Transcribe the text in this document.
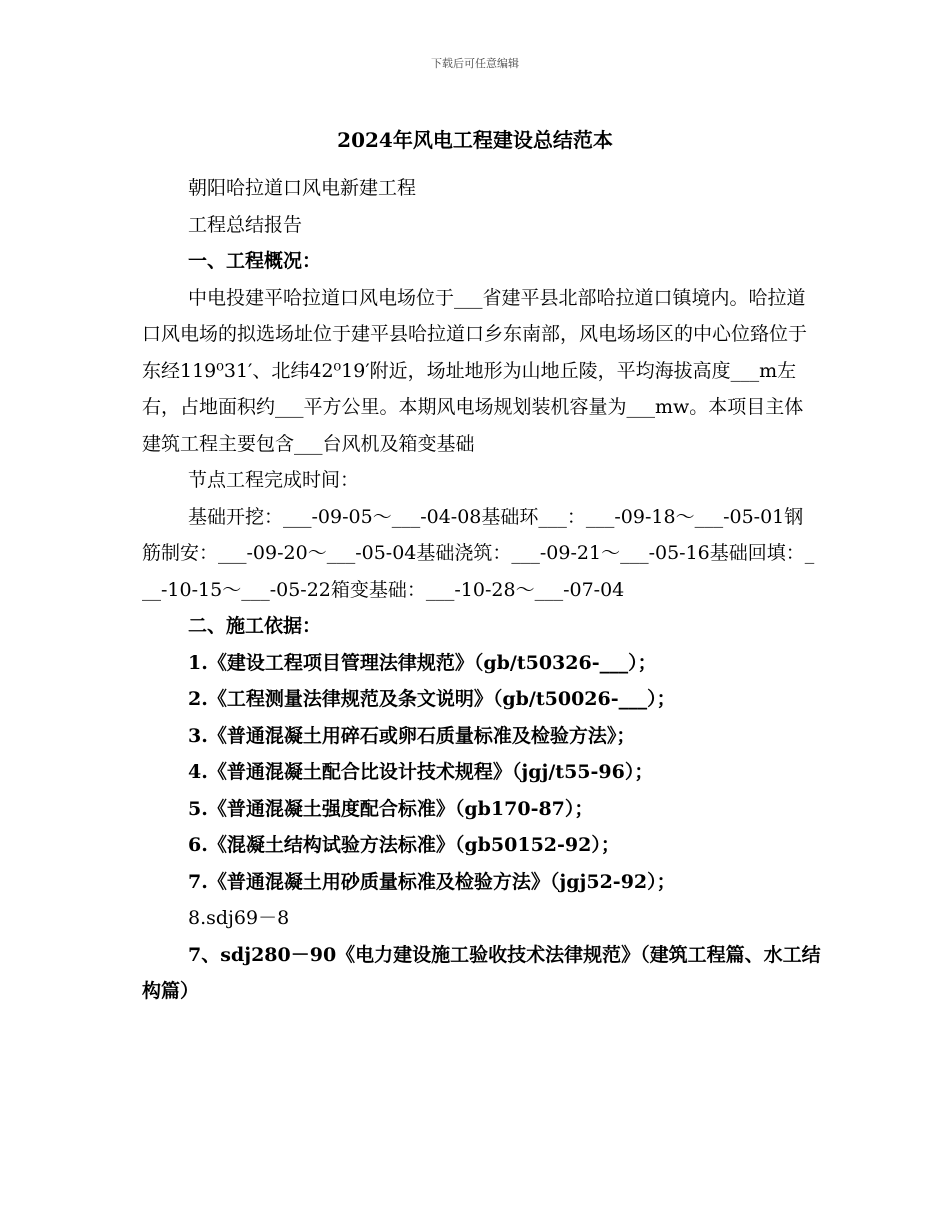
下载后可任意编辑
2024年风电工程建设总结范本

朝阳哈拉道口风电新建工程

工程总结报告

一、工程概况：

中电投建平哈拉道口风电场位于___省建平县北部哈拉道口镇境内。哈拉道口风电场的拟选场址位于建平县哈拉道口乡东南部，风电场场区的中心位臵位于东经119⁰31′、北纬42⁰19′附近，场址地形为山地丘陵，平均海拔高度___m左右，占地面积约___平方公里。本期风电场规划装机容量为___mw。本项目主体建筑工程主要包含___台风机及箱变基础

节点工程完成时间：

基础开挖：___-09-05～___-04-08基础环___：___-09-18～___-05-01钢筋制安：___-09-20～___-05-04基础浇筑：___-09-21～___-05-16基础回填：___-10-15～___-05-22箱变基础：___-10-28～___-07-04

二、施工依据：

1.《建设工程项目管理法律规范》（gb/t50326-___）；

2.《工程测量法律规范及条文说明》（gb/t50026-___）；

3.《普通混凝土用碎石或卵石质量标准及检验方法》；

4.《普通混凝土配合比设计技术规程》（jgj/t55-96）；

5.《普通混凝土强度配合标准》（gb170-87）；

6.《混凝土结构试验方法标准》（gb50152-92）；

7.《普通混凝土用砂质量标准及检验方法》（jgj52-92）；

8.sdj69－8

7、sdj280－90《电力建设施工验收技术法律规范》（建筑工程篇、水工结构篇）
